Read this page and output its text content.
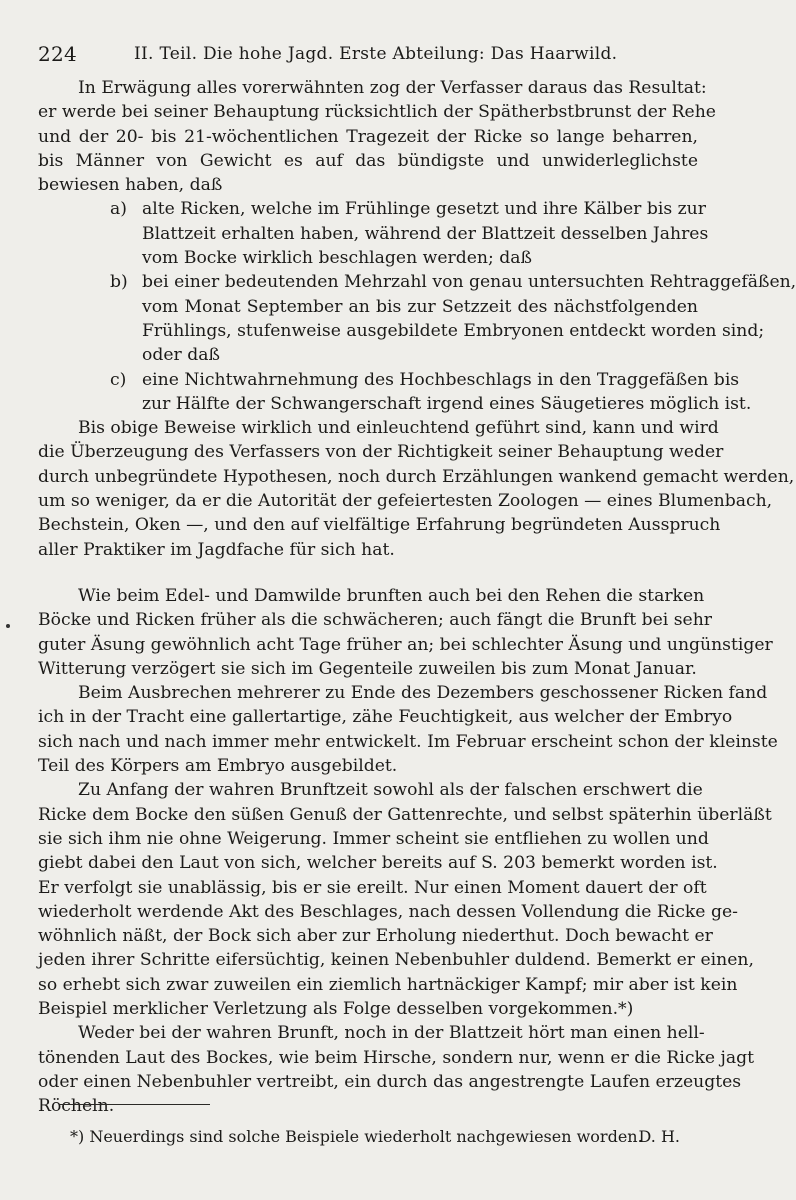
224	II. Teil. Die hohe Jagd. Erste Abteilung: Das Haarwild.
In Erwägung alles vorerwähnten zog der Verfasser daraus das Resultat:
er werde bei seiner Behauptung rücksichtlich der Spätherbstbrunst der Rehe
und der 20- bis 21-wöchentlichen Tragezeit der Ricke so lange beharren,
bis Männer von Gewicht es auf das bündigste und unwiderleglichste
bewiesen haben, daß
a) alte Ricken, welche im Frühlinge gesetzt und ihre Kälber bis zur
Blattzeit erhalten haben, während der Blattzeit desselben Jahres
vom Bocke wirklich beschlagen werden; daß
b) bei einer bedeutenden Mehrzahl von genau untersuchten Rehtraggefäßen,
vom Monat September an bis zur Setzzeit des nächstfolgenden
Frühlings, stufenweise ausgebildete Embryonen entdeckt worden sind;
oder daß
c) eine Nichtwahrnehmung des Hochbeschlags in den Traggefäßen bis
zur Hälfte der Schwangerschaft irgend eines Säugetieres möglich ist.
Bis obige Beweise wirklich und einleuchtend geführt sind, kann und wird
die Überzeugung des Verfassers von der Richtigkeit seiner Behauptung weder
durch unbegründete Hypothesen, noch durch Erzählungen wankend gemacht werden,
um so weniger, da er die Autorität der gefeiertesten Zoologen — eines Blumenbach,
Bechstein, Oken —, und den auf vielfältige Erfahrung begründeten Ausspruch
aller Praktiker im Jagdfache für sich hat.
Wie beim Edel- und Damwilde brunften auch bei den Rehen die starken
Böcke und Ricken früher als die schwächeren; auch fängt die Brunft bei sehr
guter Äsung gewöhnlich acht Tage früher an; bei schlechter Äsung und ungünstiger
Witterung verzögert sie sich im Gegenteile zuweilen bis zum Monat Januar.
Beim Ausbrechen mehrerer zu Ende des Dezembers geschossener Ricken fand
ich in der Tracht eine gallertartige, zähe Feuchtigkeit, aus welcher der Embryo
sich nach und nach immer mehr entwickelt. Im Februar erscheint schon der kleinste
Teil des Körpers am Embryo ausgebildet.
Zu Anfang der wahren Brunftzeit sowohl als der falschen erschwert die
Ricke dem Bocke den süßen Genuß der Gattenrechte, und selbst späterhin überläßt
sie sich ihm nie ohne Weigerung. Immer scheint sie entfliehen zu wollen und
giebt dabei den Laut von sich, welcher bereits auf S. 203 bemerkt worden ist.
Er verfolgt sie unablässig, bis er sie ereilt. Nur einen Moment dauert der oft
wiederholt werdende Akt des Beschlages, nach dessen Vollendung die Ricke ge-
wöhnlich näßt, der Bock sich aber zur Erholung niederthut. Doch bewacht er
jeden ihrer Schritte eifersüchtig, keinen Nebenbuhler duldend. Bemerkt er einen,
so erhebt sich zwar zuweilen ein ziemlich hartnäckiger Kampf; mir aber ist kein
Beispiel merklicher Verletzung als Folge desselben vorgekommen.*)
Weder bei der wahren Brunft, noch in der Blattzeit hört man einen hell-
tönenden Laut des Bockes, wie beim Hirsche, sondern nur, wenn er die Ricke jagt
oder einen Nebenbuhler vertreibt, ein durch das angestrengte Laufen erzeugtes
Röcheln.
*) Neuerdings sind solche Beispiele wiederholt nachgewiesen worden.
D. H.
